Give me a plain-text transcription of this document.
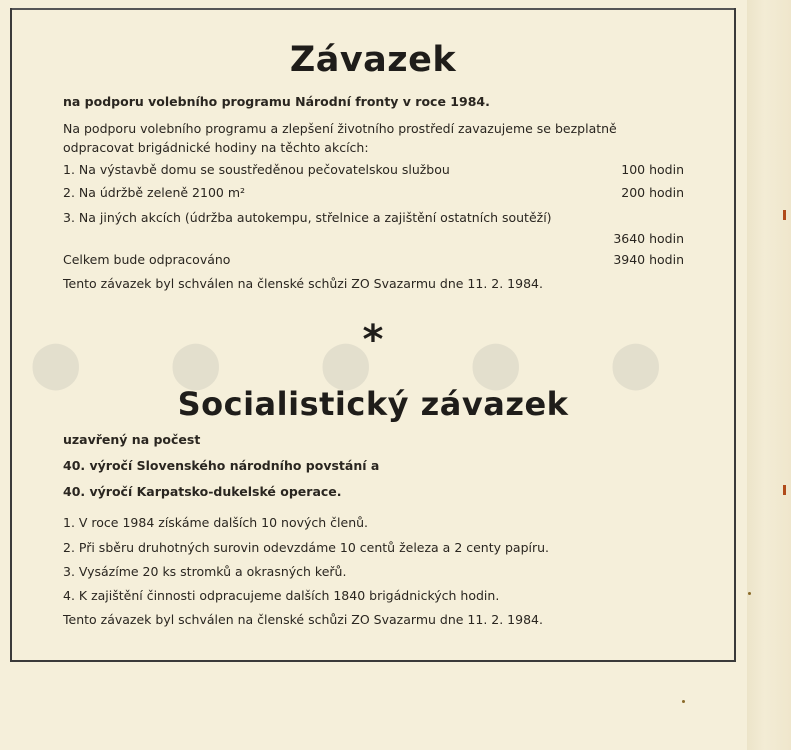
⬤ ⬤ ⬤ ⬤ ⬤
Závazek
na podporu volebního programu Národní fronty v roce 1984.
Na podporu volebního programu a zlepšení životního prostředí zavazujeme se bezplatně
odpracovat brigádnické hodiny na těchto akcích:
1. Na výstavbě domu se soustředěnou pečovatelskou službou	100 hodin
2. Na údržbě zeleně 2100 m²	200 hodin
3. Na jiných akcích (údržba autokempu, střelnice a zajištění ostatních soutěží)
3640 hodin
Celkem bude odpracováno	3940 hodin
Tento závazek byl schválen na členské schůzi ZO Svazarmu dne 11. 2. 1984.
*
Socialistický závazek
uzavřený na počest
40. výročí Slovenského národního povstání a
40. výročí Karpatsko-dukelské operace.
1. V roce 1984 získáme dalších 10 nových členů.
2. Při sběru druhotných surovin odevzdáme 10 centů železa a 2 centy papíru.
3. Vysázíme 20 ks stromků a okrasných keřů.
4. K zajištění činnosti odpracujeme dalších 1840 brigádnických hodin.
Tento závazek byl schválen na členské schůzi ZO Svazarmu dne 11. 2. 1984.
